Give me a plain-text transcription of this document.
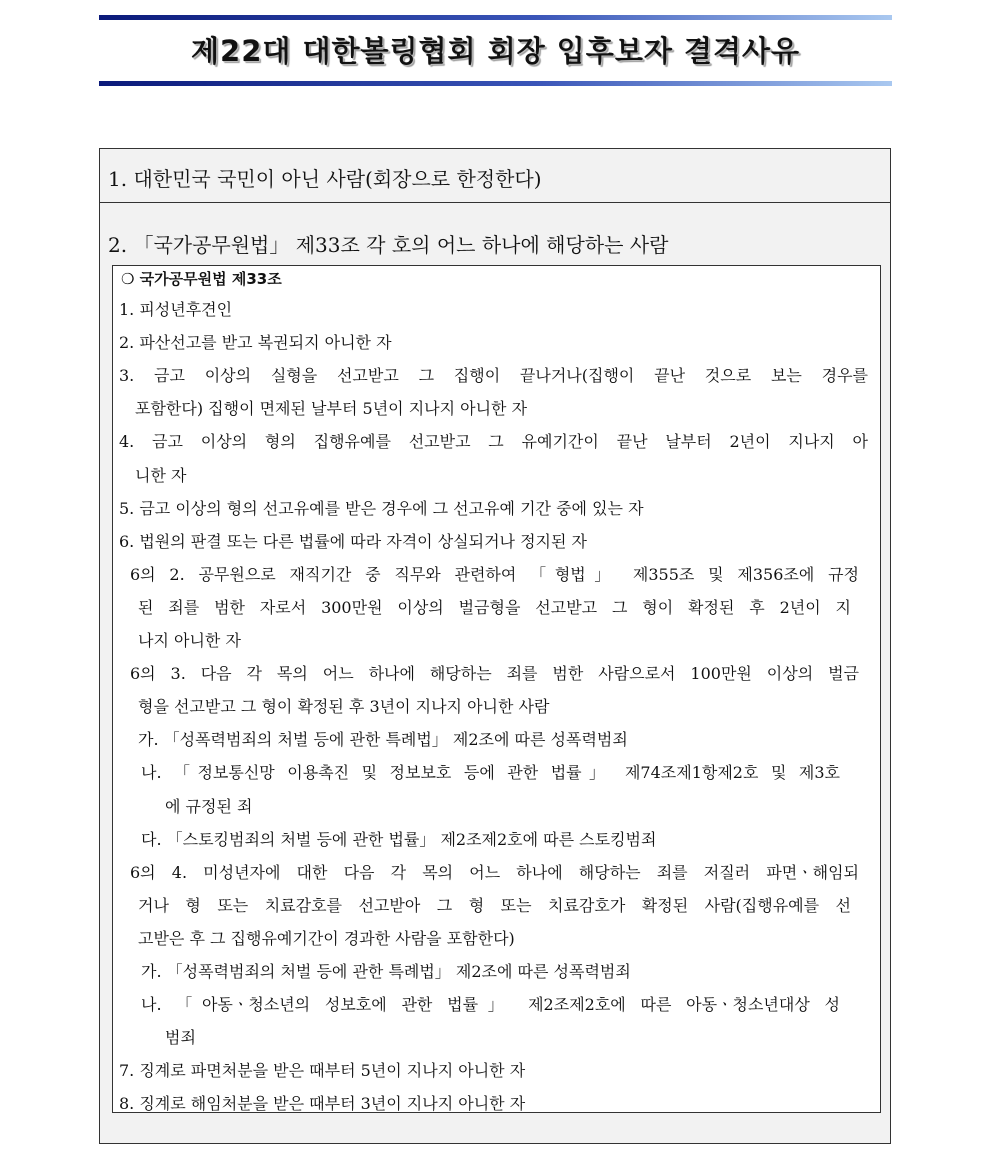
제22대 대한볼링협회 회장 입후보자 결격사유
1. 대한민국 국민이 아닌 사람(회장으로 한정한다)
2. 「국가공무원법」 제33조 각 호의 어느 하나에 해당하는 사람
❍ 국가공무원법 제33조
1. 피성년후견인
2. 파산선고를 받고 복권되지 아니한 자
3. 금고 이상의 실형을 선고받고 그 집행이 끝나거나(집행이 끝난 것으로 보는 경우를
포함한다) 집행이 면제된 날부터 5년이 지나지 아니한 자
4. 금고 이상의 형의 집행유예를 선고받고 그 유예기간이 끝난 날부터 2년이 지나지 아
니한 자
5. 금고 이상의 형의 선고유예를 받은 경우에 그 선고유예 기간 중에 있는 자
6. 법원의 판결 또는 다른 법률에 따라 자격이 상실되거나 정지된 자
6의 2. 공무원으로 재직기간 중 직무와 관련하여 「형법」 제355조 및 제356조에 규정
된 죄를 범한 자로서 300만원 이상의 벌금형을 선고받고 그 형이 확정된 후 2년이 지
나지 아니한 자
6의 3. 다음 각 목의 어느 하나에 해당하는 죄를 범한 사람으로서 100만원 이상의 벌금
형을 선고받고 그 형이 확정된 후 3년이 지나지 아니한 사람
가. 「성폭력범죄의 처벌 등에 관한 특례법」 제2조에 따른 성폭력범죄
나. 「정보통신망 이용촉진 및 정보보호 등에 관한 법률」 제74조제1항제2호 및 제3호
에 규정된 죄
다. 「스토킹범죄의 처벌 등에 관한 법률」 제2조제2호에 따른 스토킹범죄
6의 4. 미성년자에 대한 다음 각 목의 어느 하나에 해당하는 죄를 저질러 파면ㆍ해임되
거나 형 또는 치료감호를 선고받아 그 형 또는 치료감호가 확정된 사람(집행유예를 선
고받은 후 그 집행유예기간이 경과한 사람을 포함한다)
가. 「성폭력범죄의 처벌 등에 관한 특례법」 제2조에 따른 성폭력범죄
나. 「아동ㆍ청소년의 성보호에 관한 법률」 제2조제2호에 따른 아동ㆍ청소년대상 성
범죄
7. 징계로 파면처분을 받은 때부터 5년이 지나지 아니한 자
8. 징계로 해임처분을 받은 때부터 3년이 지나지 아니한 자
